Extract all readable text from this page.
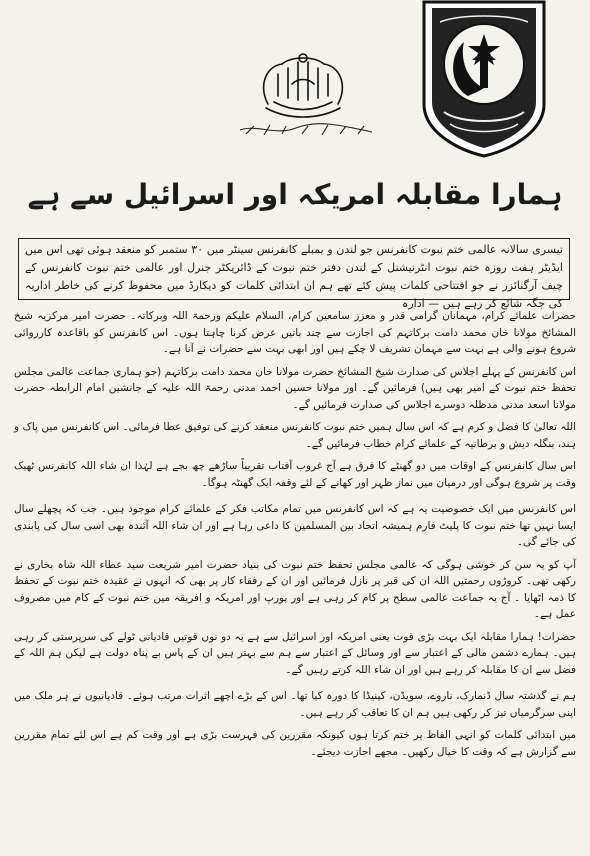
ہمارا مقابلہ امریکہ اور اسرائیل سے ہے
تیسری سالانہ عالمی ختم نبوت کانفرنس جو لندن و یمبلے کانفرنس سینٹر میں ۳۰ ستمبر کو منعقد ہوئی تھی اس میں ایڈیٹر ہفت روزہ ختم نبوت انٹرنیشنل کے لندن دفتر ختم نبوت کے ڈائریکٹر جنرل اور عالمی ختم نبوت کانفرنس کے چیف آرگنائزر نے جو افتتاحی کلمات پیش کئے تھے ہم ان ابتدائی کلمات کو دیکارڈ میں محفوظ کرنے کی خاطر اداریہ کی جگہ شائع کر رہے ہیں — ادارہ

حضرات علمائے کرام، مہمانان گرامی قدر و معزز سامعین کرام، السلام علیکم ورحمۃ اللہ وبرکاتہ۔ حضرت امیر مرکزیہ شیخ المشائخ مولانا خان محمد دامت برکاتہم کی اجازت سے چند باتیں عرض کرنا چاہتا ہوں۔ اس کانفرنس کو باقاعدہ کارروائی شروع ہونے والی ہے بہت سے مہمان تشریف لا چکے ہیں اور ابھی بہت سے حضرات نے آنا ہے۔

اس کانفرنس کے پہلے اجلاس کی صدارت شیخ المشائخ حضرت مولانا خان محمد دامت برکاتہم (جو ہماری جماعت عالمی مجلس تحفظ ختم نبوت کے امیر بھی ہیں) فرمائیں گے۔ اور مولانا حسین احمد مدنی رحمۃ اللہ علیہ کے جانشین امام الرابطہ حضرت مولانا اسعد مدنی مدظلہ دوسرے اجلاس کی صدارت فرمائیں گے۔

اللہ تعالیٰ کا فضل و کرم ہے کہ اس سال ہمیں ختم نبوت کانفرنس منعقد کرنے کی توفیق عطا فرمائی۔ اس کانفرنس میں پاک و ہند، بنگلہ دیش و برطانیہ کے علمائے کرام خطاب فرمائیں گے۔

اس سال کانفرنس کے اوقات میں دو گھنٹے کا فرق ہے آج غروب آفتاب تقریباً ساڑھے چھ بجے ہے لہٰذا ان شاء اللہ کانفرنس ٹھیک وقت پر شروع ہوگی اور درمیان میں نماز ظہر اور کھانے کے لئے وقفہ ایک گھنٹہ ہوگا۔

اس کانفرنس میں ایک خصوصیت یہ ہے کہ اس کانفرنس میں تمام مکاتب فکر کے علمائے کرام موجود ہیں۔ جب کہ پچھلے سال ایسا نہیں تھا ختم نبوت کا پلیٹ فارم ہمیشہ اتحاد بین المسلمین کا داعی رہا ہے اور ان شاء اللہ آئندہ بھی اسی سال کی پابندی کی جائے گی۔

آپ کو یہ سن کر خوشی ہوگی کہ عالمی مجلس تحفظ ختم نبوت کی بنیاد حضرت امیر شریعت سید عطاء اللہ شاہ بخاری نے رکھی تھی۔ کروڑوں رحمتیں اللہ ان کی قبر پر نازل فرمائیں اور ان کے رفقاء کار پر بھی کہ انہوں نے عقیدہ ختم نبوت کے تحفظ کا ذمہ اٹھایا ۔ آج یہ جماعت عالمی سطح پر کام کر رہی ہے اور یورپ اور امریکہ و افریقہ میں ختم نبوت کے کام میں مصروف عمل ہے۔

حضرات! ہمارا مقابلہ ایک بہت بڑی قوت یعنی امریکہ اور اسرائیل سے ہے یہ دو نوں قوتیں قادیانی ٹولے کی سرپرستی کر رہی ہیں۔ ہمارے دشمن مالی کے اعتبار سے اور وسائل کے اعتبار سے ہم سے بہتر ہیں ان کے پاس بے پناہ دولت ہے لیکن ہم اللہ کے فضل سے ان کا مقابلہ کر رہے ہیں اور ان شاء اللہ کرتے رہیں گے۔

ہم نے گذشتہ سال ڈنمارک، ناروے، سویڈن، کینیڈا کا دورہ کیا تھا۔ اس کے بڑے اچھے اثرات مرتب ہوئے۔ قادیانیوں نے ہر ملک میں اپنی سرگرمیاں تیز کر رکھی ہیں ہم ان کا تعاقب کر رہے ہیں۔

میں ابتدائی کلمات کو انہی الفاظ پر ختم کرتا ہوں کیونکہ مقررین کی فہرست بڑی ہے اور وقت کم ہے اس لئے تمام مقررین سے گزارش ہے کہ وقت کا خیال رکھیں۔ مجھے اجازت دیجئے۔
